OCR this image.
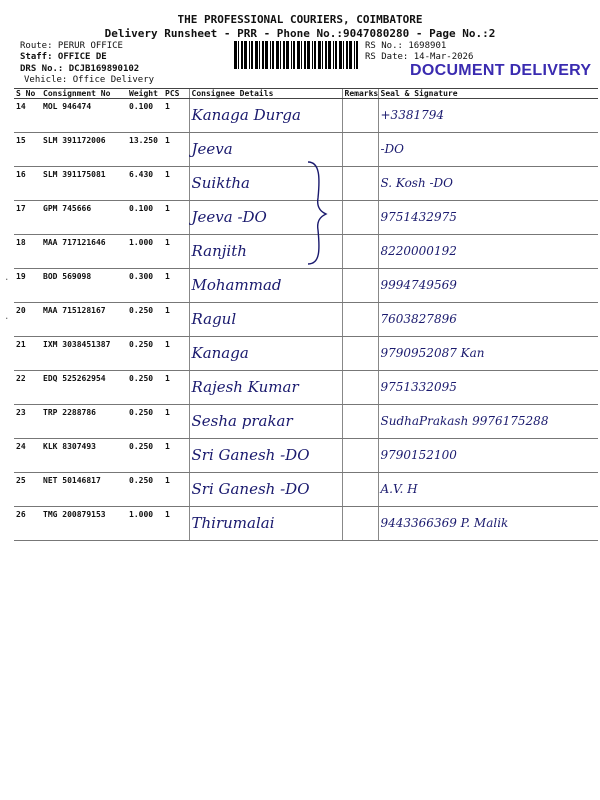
THE PROFESSIONAL COURIERS, COIMBATORE
Delivery Runsheet - PRR - Phone No.:9047080280 - Page No.:2
Route: PERUR OFFICE
Staff: OFFICE DE
DRS No.: DCJB169890102
Vehicle: Office Delivery
RS No.: 1698901
RS Date: 14-Mar-2026
DOCUMENT DELIVERY
.
.
S No	Consignment No	Weight	PCS	Consignee Details	Remarks	Seal & Signature
14	MOL 946474	0.100	1	Kanaga Durga		+3381794

15	SLM 391172006	13.250	1	Jeeva		-DO

16	SLM 391175081	6.430	1	Suiktha		S. Kosh -DO

17	GPM 745666	0.100	1	Jeeva -DO		9751432975

18	MAA 717121646	1.000	1	Ranjith		8220000192

19	BOD 569098	0.300	1	Mohammad		9994749569

20	MAA 715128167	0.250	1	Ragul		7603827896

21	IXM 3038451387	0.250	1	Kanaga		9790952087 Kan

22	EDQ 525262954	0.250	1	Rajesh Kumar		9751332095

23	TRP 2288786	0.250	1	Sesha prakar		SudhaPrakash 9976175288

24	KLK 8307493	0.250	1	Sri Ganesh -DO		9790152100

25	NET 50146817	0.250	1	Sri Ganesh -DO		A.V. H

26	TMG 200879153	1.000	1	Thirumalai		9443366369 P. Malik
